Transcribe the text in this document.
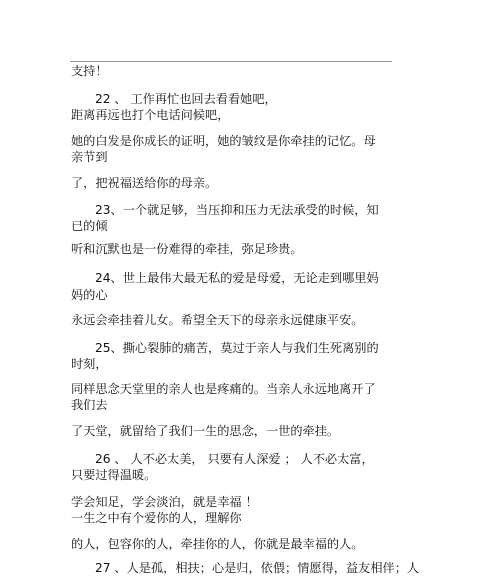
支持！
22 、 工作再忙也回去看看她吧，
距离再远也打个电话问候吧，
她的白发是你成长的证明，她的皱纹是你牵挂的记忆。母
亲节到
了，把祝福送给你的母亲。
23、一个就足够，当压抑和压力无法承受的时候，知
已的倾
听和沉默也是一份难得的牵挂，弥足珍贵。
24、世上最伟大最无私的爱是母爱，无论走到哪里妈
妈的心
永远会牵挂着儿女。希望全天下的母亲永远健康平安。
25、撕心裂肺的痛苦，莫过于亲人与我们生死离别的
时刻，
同样思念天堂里的亲人也是疼痛的。当亲人永远地离开了
我们去
了天堂，就留给了我们一生的思念，一世的牵挂。
26 、 人不必太美， 只要有人深爱 ； 人不必太富，
只要过得温暖。
学会知足，学会淡泊，就是幸福 ！
一生之中有个爱你的人，理解你
的人，包容你的人，牵挂你的人，你就是最幸福的人。
27 、人是孤，相扶；心是归，依偎；情愿得，益友相伴；人
